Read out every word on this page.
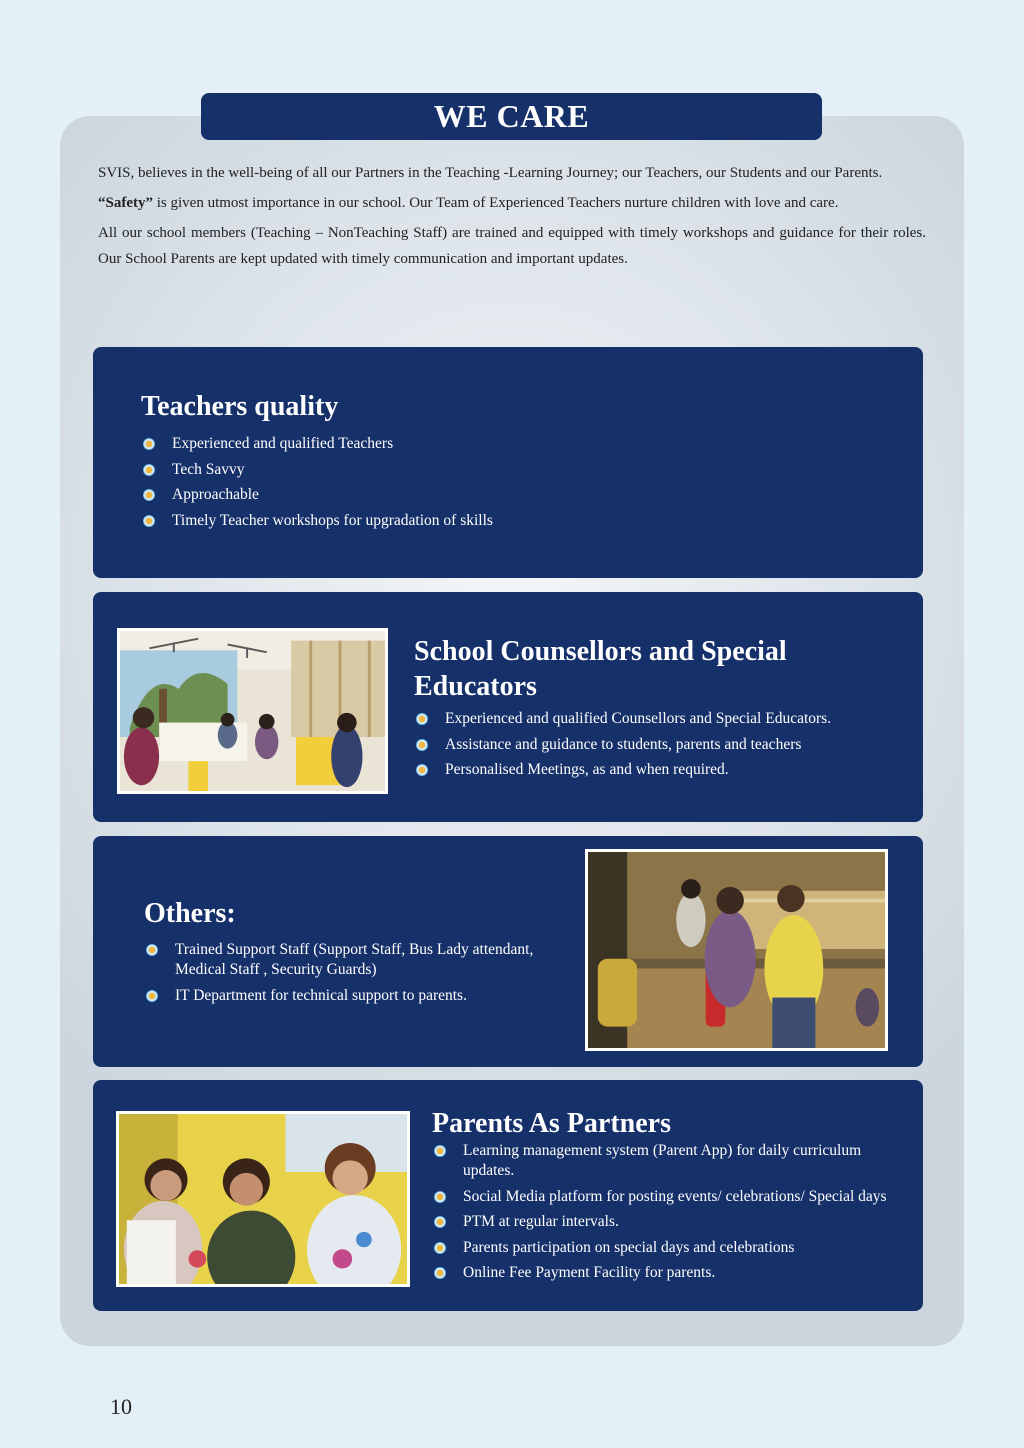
WE CARE

SVIS, believes in the well-being of all our Partners in the Teaching -Learning Journey; our Teachers, our Students and our Parents.

“Safety” is given utmost importance in our school. Our Team of Experienced Teachers nurture children with love and care.

All our school members (Teaching – NonTeaching Staff) are trained and equipped with timely workshops and guidance for their roles. Our School Parents are kept updated with timely communication and important updates.

Teachers quality
Experienced and qualified Teachers
Tech Savvy
Approachable
Timely Teacher workshops for upgradation of skills
School Counsellors and Special Educators
Experienced and qualified Counsellors and Special Educators.
Assistance and guidance to students, parents and teachers
Personalised Meetings, as and when required.
Others:
Trained Support Staff (Support Staff, Bus Lady attendant, Medical Staff , Security Guards)
IT Department for technical support to parents.
Parents As Partners
Learning management system (Parent App) for daily curriculum updates.
Social Media platform for posting events/ celebrations/ Special days
PTM at regular intervals.
Parents participation on special days and celebrations
Online Fee Payment Facility for parents.
10
